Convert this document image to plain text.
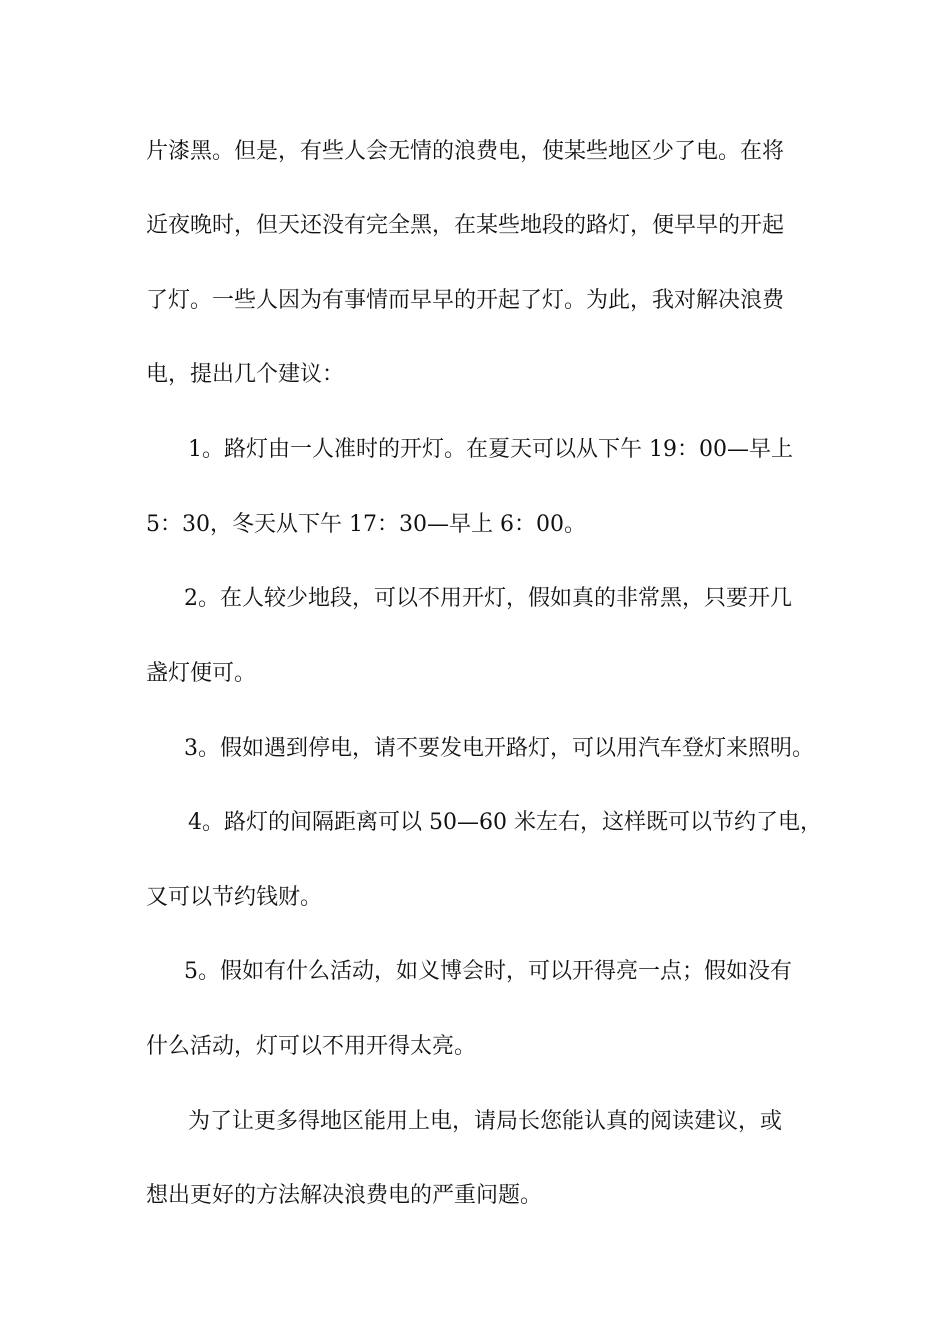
片漆黑。但是，有些人会无情的浪费电，使某些地区少了电。在将
近夜晚时，但天还没有完全黑，在某些地段的路灯，便早早的开起
了灯。一些人因为有事情而早早的开起了灯。为此，我对解决浪费
电，提出几个建议：
1。路灯由一人准时的开灯。在夏天可以从下午 19：00—早上
5：30，冬天从下午 17：30—早上 6：00。
2。在人较少地段，可以不用开灯，假如真的非常黑，只要开几
盏灯便可。
3。假如遇到停电，请不要发电开路灯，可以用汽车登灯来照明。
4。路灯的间隔距离可以 50—60 米左右，这样既可以节约了电，
又可以节约钱财。
5。假如有什么活动，如义博会时，可以开得亮一点；假如没有
什么活动，灯可以不用开得太亮。
为了让更多得地区能用上电，请局长您能认真的阅读建议，或
想出更好的方法解决浪费电的严重问题。
